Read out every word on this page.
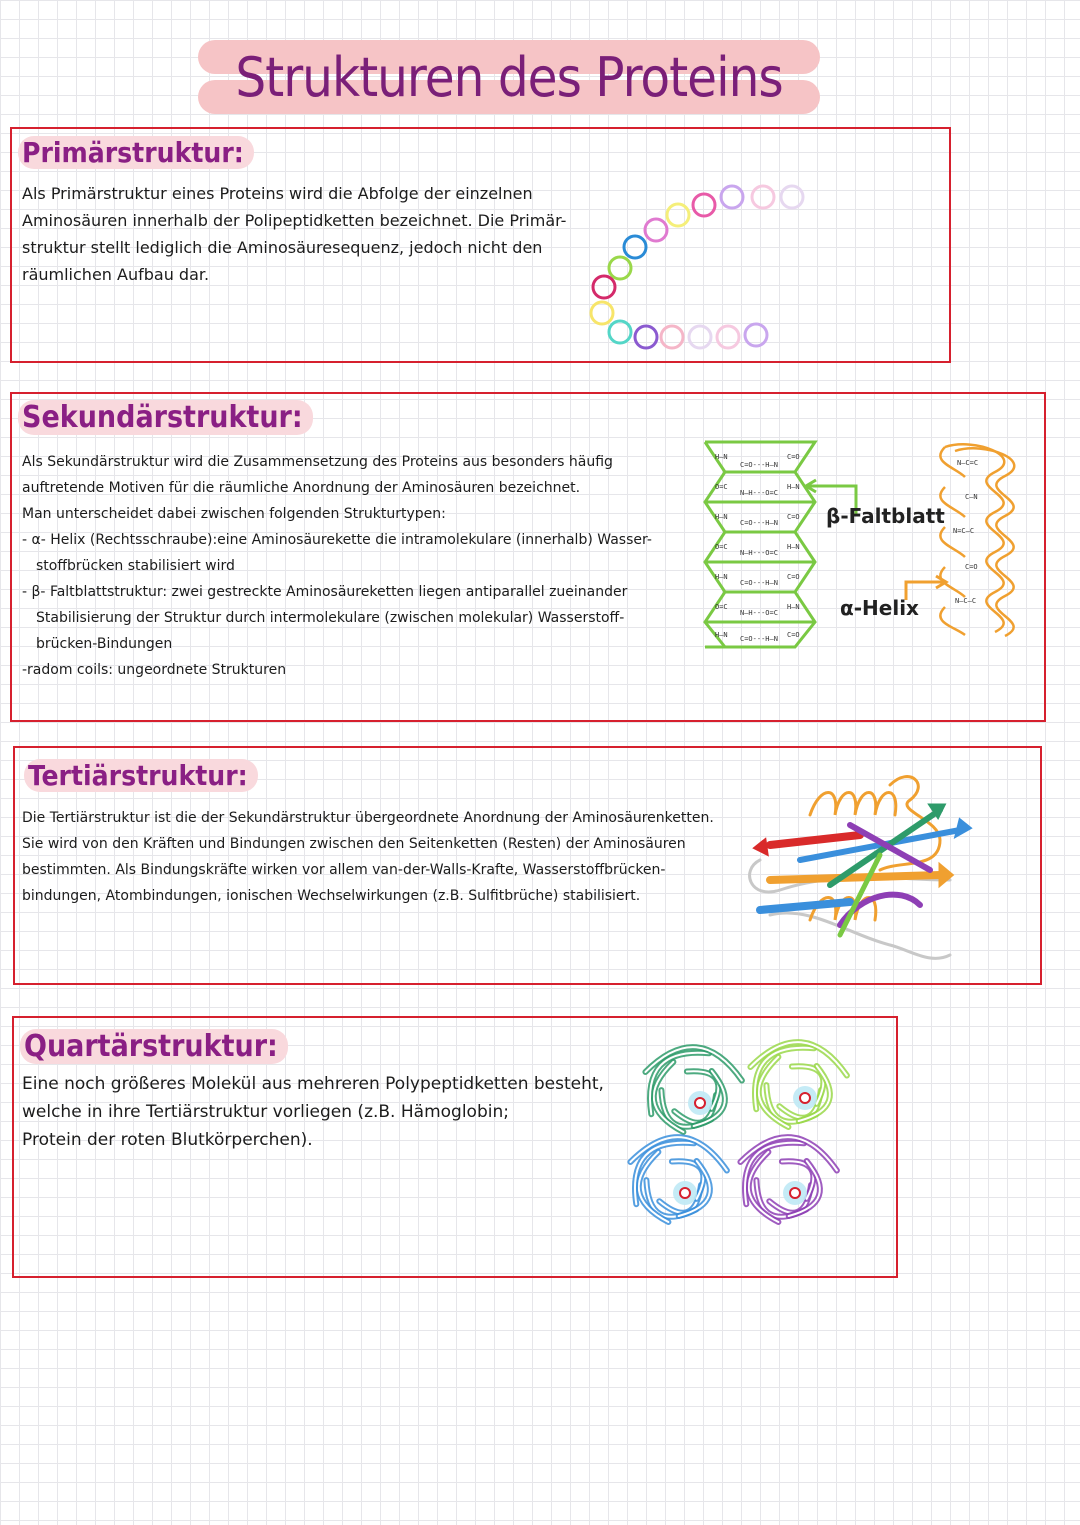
Strukturen des Proteins
Primärstruktur:

Als Primärstruktur eines Proteins wird die Abfolge der einzelnen

Aminosäuren innerhalb der Polipeptidketten bezeichnet. Die Primär-

struktur stellt lediglich die Aminosäuresequenz, jedoch nicht den

räumlichen Aufbau dar.

Sekundärstruktur:

Als Sekundärstruktur wird die Zusammensetzung des Proteins aus besonders häufig

auftretende Motiven für die räumliche Anordnung der Aminosäuren bezeichnet.

Man unterscheidet dabei zwischen folgenden Strukturtypen:

- α- Helix (Rechtsschraube):eine Aminosäurekette die intramolekulare (innerhalb) Wasser-

stoffbrücken stabilisiert wird

- β- Faltblattstruktur: zwei gestreckte Aminosäureketten liegen antiparallel zueinander

Stabilisierung der Struktur durch intermolekulare (zwischen molekular) Wasserstoff-

brücken-Bindungen

-radom coils: ungeordnete Strukturen

H—N
C=O---H—N
C=O
O=C
N—H---O=C
H—N
H—N
C=O---H—N
C=O
O=C
N—H---O=C
H—N
H—N
C=O---H—N
C=O
O=C
N—H---O=C
H—N
H—N C=O---H—N C=O
β-Faltblatt
α-Helix
N—C=C
C—N
N=C—C
C=O
N—C—C
Tertiärstruktur:

Die Tertiärstruktur ist die der Sekundärstruktur übergeordnete Anordnung der Aminosäurenketten.

Sie wird von den Kräften und Bindungen zwischen den Seitenketten (Resten) der Aminosäuren

bestimmten. Als Bindungskräfte wirken vor allem van-der-Walls-Krafte, Wasserstoffbrücken-

bindungen, Atombindungen, ionischen Wechselwirkungen (z.B. Sulfitbrüche) stabilisiert.

Quartärstruktur:

Eine noch größeres Molekül aus mehreren Polypeptidketten besteht,

welche in ihre Tertiärstruktur vorliegen (z.B. Hämoglobin;

Protein der roten Blutkörperchen).
